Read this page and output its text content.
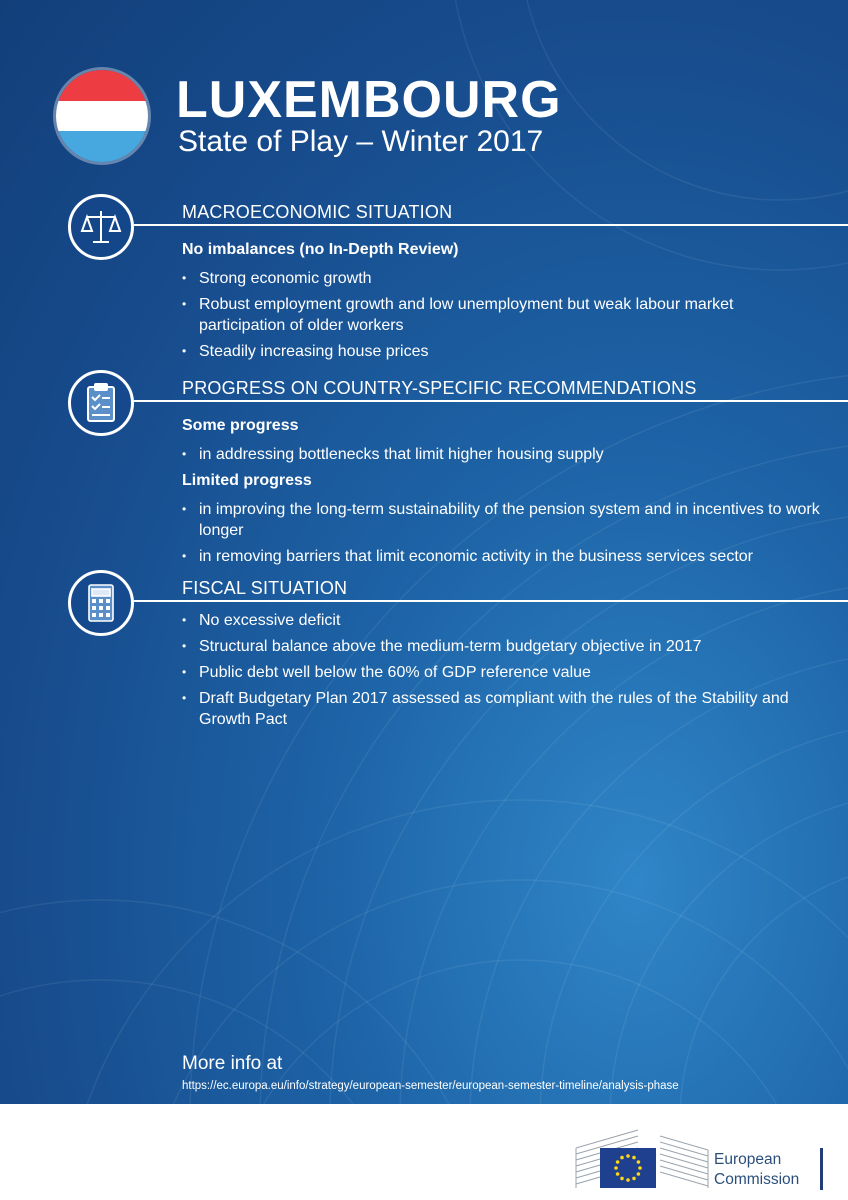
LUXEMBOURG
State of Play – Winter 2017
MACROECONOMIC SITUATION
No imbalances (no In-Depth Review)
• Strong economic growth
• Robust employment growth and low unemployment but weak labour market participation of older workers
• Steadily increasing house prices
PROGRESS ON COUNTRY-SPECIFIC RECOMMENDATIONS
Some progress
• in addressing bottlenecks that limit higher housing supply
Limited progress
• in improving the long-term sustainability of the pension system and in incentives to work longer
• in removing barriers that limit economic activity in the business services sector
FISCAL SITUATION
• No excessive deficit
• Structural balance above the medium-term budgetary objective in 2017
• Public debt well below the 60% of GDP reference value
• Draft Budgetary Plan 2017 assessed as compliant with the rules of the Stability and Growth Pact
More info at
https://ec.europa.eu/info/strategy/european-semester/european-semester-timeline/analysis-phase
European
Commission
